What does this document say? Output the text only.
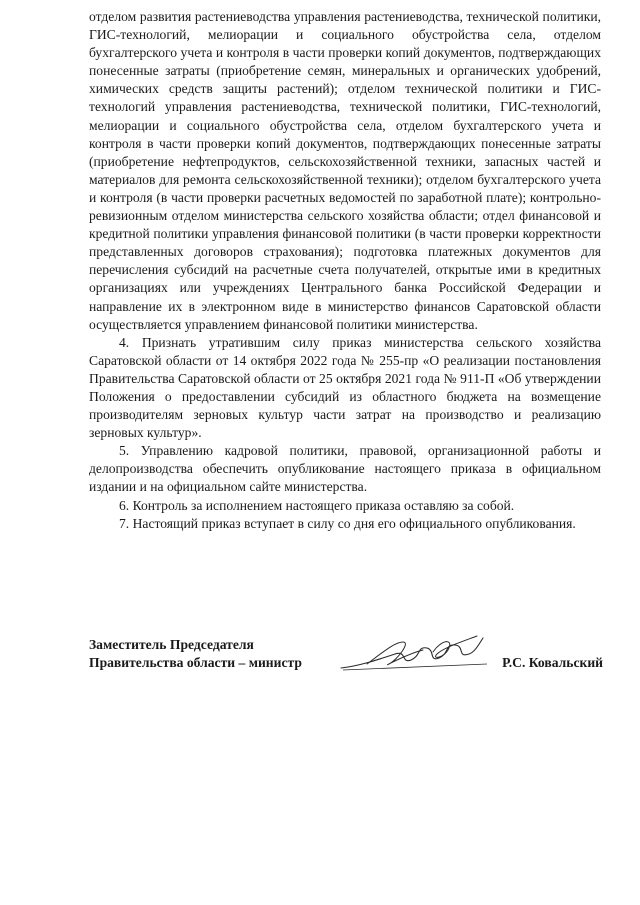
отделом развития растениеводства управления растениеводства, технической политики, ГИС-технологий, мелиорации и социального обустройства села, отделом бухгалтерского учета и контроля в части проверки копий документов, подтверждающих понесенные затраты (приобретение семян, минеральных и органических удобрений, химических средств защиты растений); отделом технической политики и ГИС-технологий управления растениеводства, технической политики, ГИС-технологий, мелиорации и социального обустройства села, отделом бухгалтерского учета и контроля в части проверки копий документов, подтверждающих понесенные затраты (приобретение нефтепродуктов, сельскохозяйственной техники, запасных частей и материалов для ремонта сельскохозяйственной техники); отделом бухгалтерского учета и контроля (в части проверки расчетных ведомостей по заработной плате); контрольно-ревизионным отделом министерства сельского хозяйства области; отдел финансовой и кредитной политики управления финансовой политики (в части проверки корректности представленных договоров страхования); подготовка платежных документов для перечисления субсидий на расчетные счета получателей, открытые ими в кредитных организациях или учреждениях Центрального банка Российской Федерации и направление их в электронном виде в министерство финансов Саратовской области осуществляется управлением финансовой политики министерства.

4. Признать утратившим силу приказ министерства сельского хозяйства Саратовской области от 14 октября 2022 года № 255-пр «О реализации постановления Правительства Саратовской области от 25 октября 2021 года № 911-П «Об утверждении Положения о предоставлении субсидий из областного бюджета на возмещение производителям зерновых культур части затрат на производство и реализацию зерновых культур».

5. Управлению кадровой политики, правовой, организационной работы и делопроизводства обеспечить опубликование настоящего приказа в официальном издании и на официальном сайте министерства.

6. Контроль за исполнением настоящего приказа оставляю за собой.

7. Настоящий приказ вступает в силу со дня его официального опубликования.

Заместитель Председателя
Правительства области – министр	Р.С. Ковальский
